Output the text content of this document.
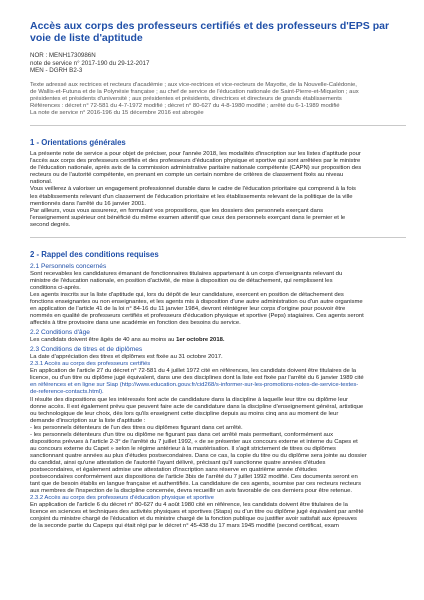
Accès aux corps des professeurs certifiés et des professeurs d'EPS par voie de liste d'aptitude
NOR : MENH1730986N
note de service n° 2017-190 du 29-12-2017
MEN - DGRH B2-3

Texte adressé aux rectrices et recteurs d'académie ; aux vice-rectrices et vice-recteurs de Mayotte, de la Nouvelle-Calédonie,

de Wallis-et-Futuna et de la Polynésie française ; au chef de service de l'éducation nationale de Saint-Pierre-et-Miquelon ; aux

présidentes et présidents d'université ; aux présidentes et présidents, directrices et directeurs de grands établissements

Références : décret n° 72-581 du 4-7-1972 modifié ; décret n° 80-627 du 4-8-1980 modifié ; arrêté du 6-1-1989 modifié

La note de service n° 2016-196 du 15 décembre 2016 est abrogée

1 - Orientations générales

La présente note de service a pour objet de préciser, pour l'année 2018, les modalités d'inscription sur les listes d'aptitude pour

l'accès aux corps des professeurs certifiés et des professeurs d'éducation physique et sportive qui sont arrêtées par le ministre

de l'éducation nationale, après avis de la commission administrative paritaire nationale compétente (CAPN) sur proposition des

recteurs ou de l'autorité compétente, en prenant en compte un certain nombre de critères de classement fixés au niveau

national.

Vous veillerez à valoriser un engagement professionnel durable dans le cadre de l'éducation prioritaire qui comprend à la fois

les établissements relevant d'un classement de l'éducation prioritaire et les établissements relevant de la politique de la ville

mentionnés dans l'arrêté du 16 janvier 2001.

Par ailleurs, vous vous assurerez, en formulant vos propositions, que les dossiers des personnels exerçant dans

l'enseignement supérieur ont bénéficié du même examen attentif que ceux des personnels exerçant dans le premier et le

second degrés.

2 - Rappel des conditions requises
2.1 Personnels concernés

Sont recevables les candidatures émanant de fonctionnaires titulaires appartenant à un corps d'enseignants relevant du

ministre de l'éducation nationale, en position d'activité, de mise à disposition ou de détachement, qui remplissent les

conditions ci-après.

Les agents inscrits sur la liste d'aptitude qui, lors du dépôt de leur candidature, exercent en position de détachement des

fonctions enseignantes ou non enseignantes, et les agents mis à disposition d'une autre administration ou d'un autre organisme

en application de l'article 41 de la loi n° 84-16 du 11 janvier 1984, devront réintégrer leur corps d'origine pour pouvoir être

nommés en qualité de professeurs certifiés et professeurs d'éducation physique et sportive (Peps) stagiaires. Ces agents seront

affectés à titre provisoire dans une académie en fonction des besoins du service.

2.2 Conditions d'âge

Les candidats doivent être âgés de 40 ans au moins au 1er octobre 2018.

2.3 Conditions de titres et de diplômes

La date d'appréciation des titres et diplômes est fixée au 31 octobre 2017.

2.3.1 Accès au corps des professeurs certifiés

En application de l'article 27 du décret n° 72-581 du 4 juillet 1972 cité en références, les candidats doivent être titulaires de la

licence, ou d'un titre ou diplôme jugé équivalent, dans une des disciplines dont la liste est fixée par l'arrêté du 6 janvier 1989 cité

en références et en ligne sur Siap (http://www.education.gouv.fr/cid268/s-informer-sur-les-promotions-notes-de-service-textes-

de-reference-contacts.html).

Il résulte des dispositions que les intéressés font acte de candidature dans la discipline à laquelle leur titre ou diplôme leur

donne accès. Il est également prévu que peuvent faire acte de candidature dans la discipline d'enseignement général, artistique

ou technologique de leur choix, dès lors qu'ils enseignent cette discipline depuis au moins cinq ans au moment de leur

demande d'inscription sur la liste d'aptitude :

- les personnels détenteurs de l'un des titres ou diplômes figurant dans cet arrêté.

- les personnels détenteurs d'un titre ou diplôme ne figurant pas dans cet arrêté mais permettant, conformément aux

dispositions prévues à l'article 2-3° de l'arrêté du 7 juillet 1992, « de se présenter aux concours externe et interne du Capes et

au concours externe du Capet » selon le régime antérieur à la mastérisation. Il s'agit strictement de titres ou diplômes

sanctionnant quatre années au plus d'études postsecondaires. Dans ce cas, la copie du titre ou du diplôme sera jointe au dossier

du candidat, ainsi qu'une attestation de l'autorité l'ayant délivré, précisant qu'il sanctionne quatre années d'études

postsecondaires, et également admise une attestation d'inscription sans réserve en quatrième année d'études

postsecondaires conformément aux dispositions de l'article 3bis de l'arrêté du 7 juillet 1992 modifié. Ces documents seront en

tant que de besoin établis en langue française et authentifiés. La candidature de ces agents, soumise par ces recteurs recteurs

aux membres de l'inspection de la discipline concernée, devra recueillir un avis favorable de ces derniers pour être retenue.

2.3.2 Accès au corps des professeurs d'éducation physique et sportive

En application de l'article 6 du décret n° 80-627 du 4 août 1980 cité en référence, les candidats doivent être titulaires de la

licence en sciences et techniques des activités physiques et sportives (Staps) ou d'un titre ou diplôme jugé équivalent par arrêté

conjoint du ministre chargé de l'éducation et du ministre chargé de la fonction publique ou justifier avoir satisfait aux épreuves

de la seconde partie du Capeps qui était régi par le décret n° 45-438 du 17 mars 1945 modifié (second certificat, exam
